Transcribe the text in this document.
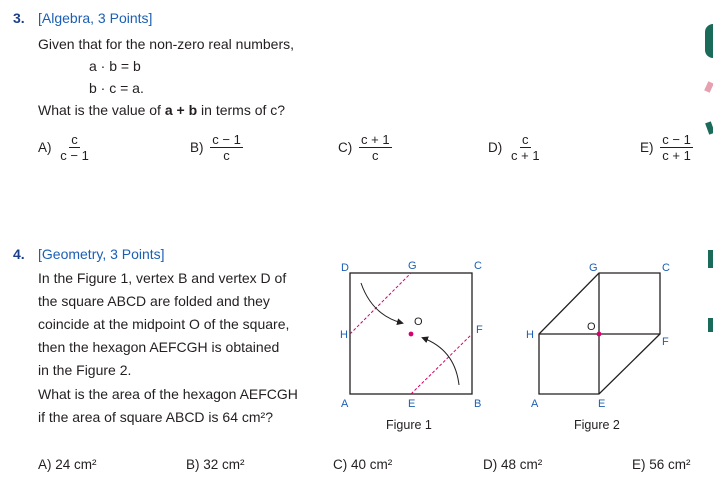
3. [Algebra, 3 Points]
Given that for the non-zero real numbers,
a · b = b
b · c = a.
What is the value of a + b in terms of c?
$A) \frac{c}{c - 1}$	$B) \frac{c - 1}{c}$	$C) \frac{c + 1}{c}$	$D) \frac{c}{c + 1}$	$E) \frac{c - 1}{c + 1}$
4. [Geometry, 3 Points]
In the Figure 1, vertex B and vertex D of
the square ABCD are folded and they
coincide at the midpoint O of the square,
then the hexagon AEFCGH is obtained
in the Figure 2.
What is the area of the hexagon AEFCGH
if the area of square ABCD is 64 cm²?
D	G	C
H	F
O
A	E	B
Figure 1
G	C
H
O
F
A	E
Figure 2
A) 24 cm²	B) 32 cm²	C) 40 cm²	D) 48 cm²	E) 56 cm²
